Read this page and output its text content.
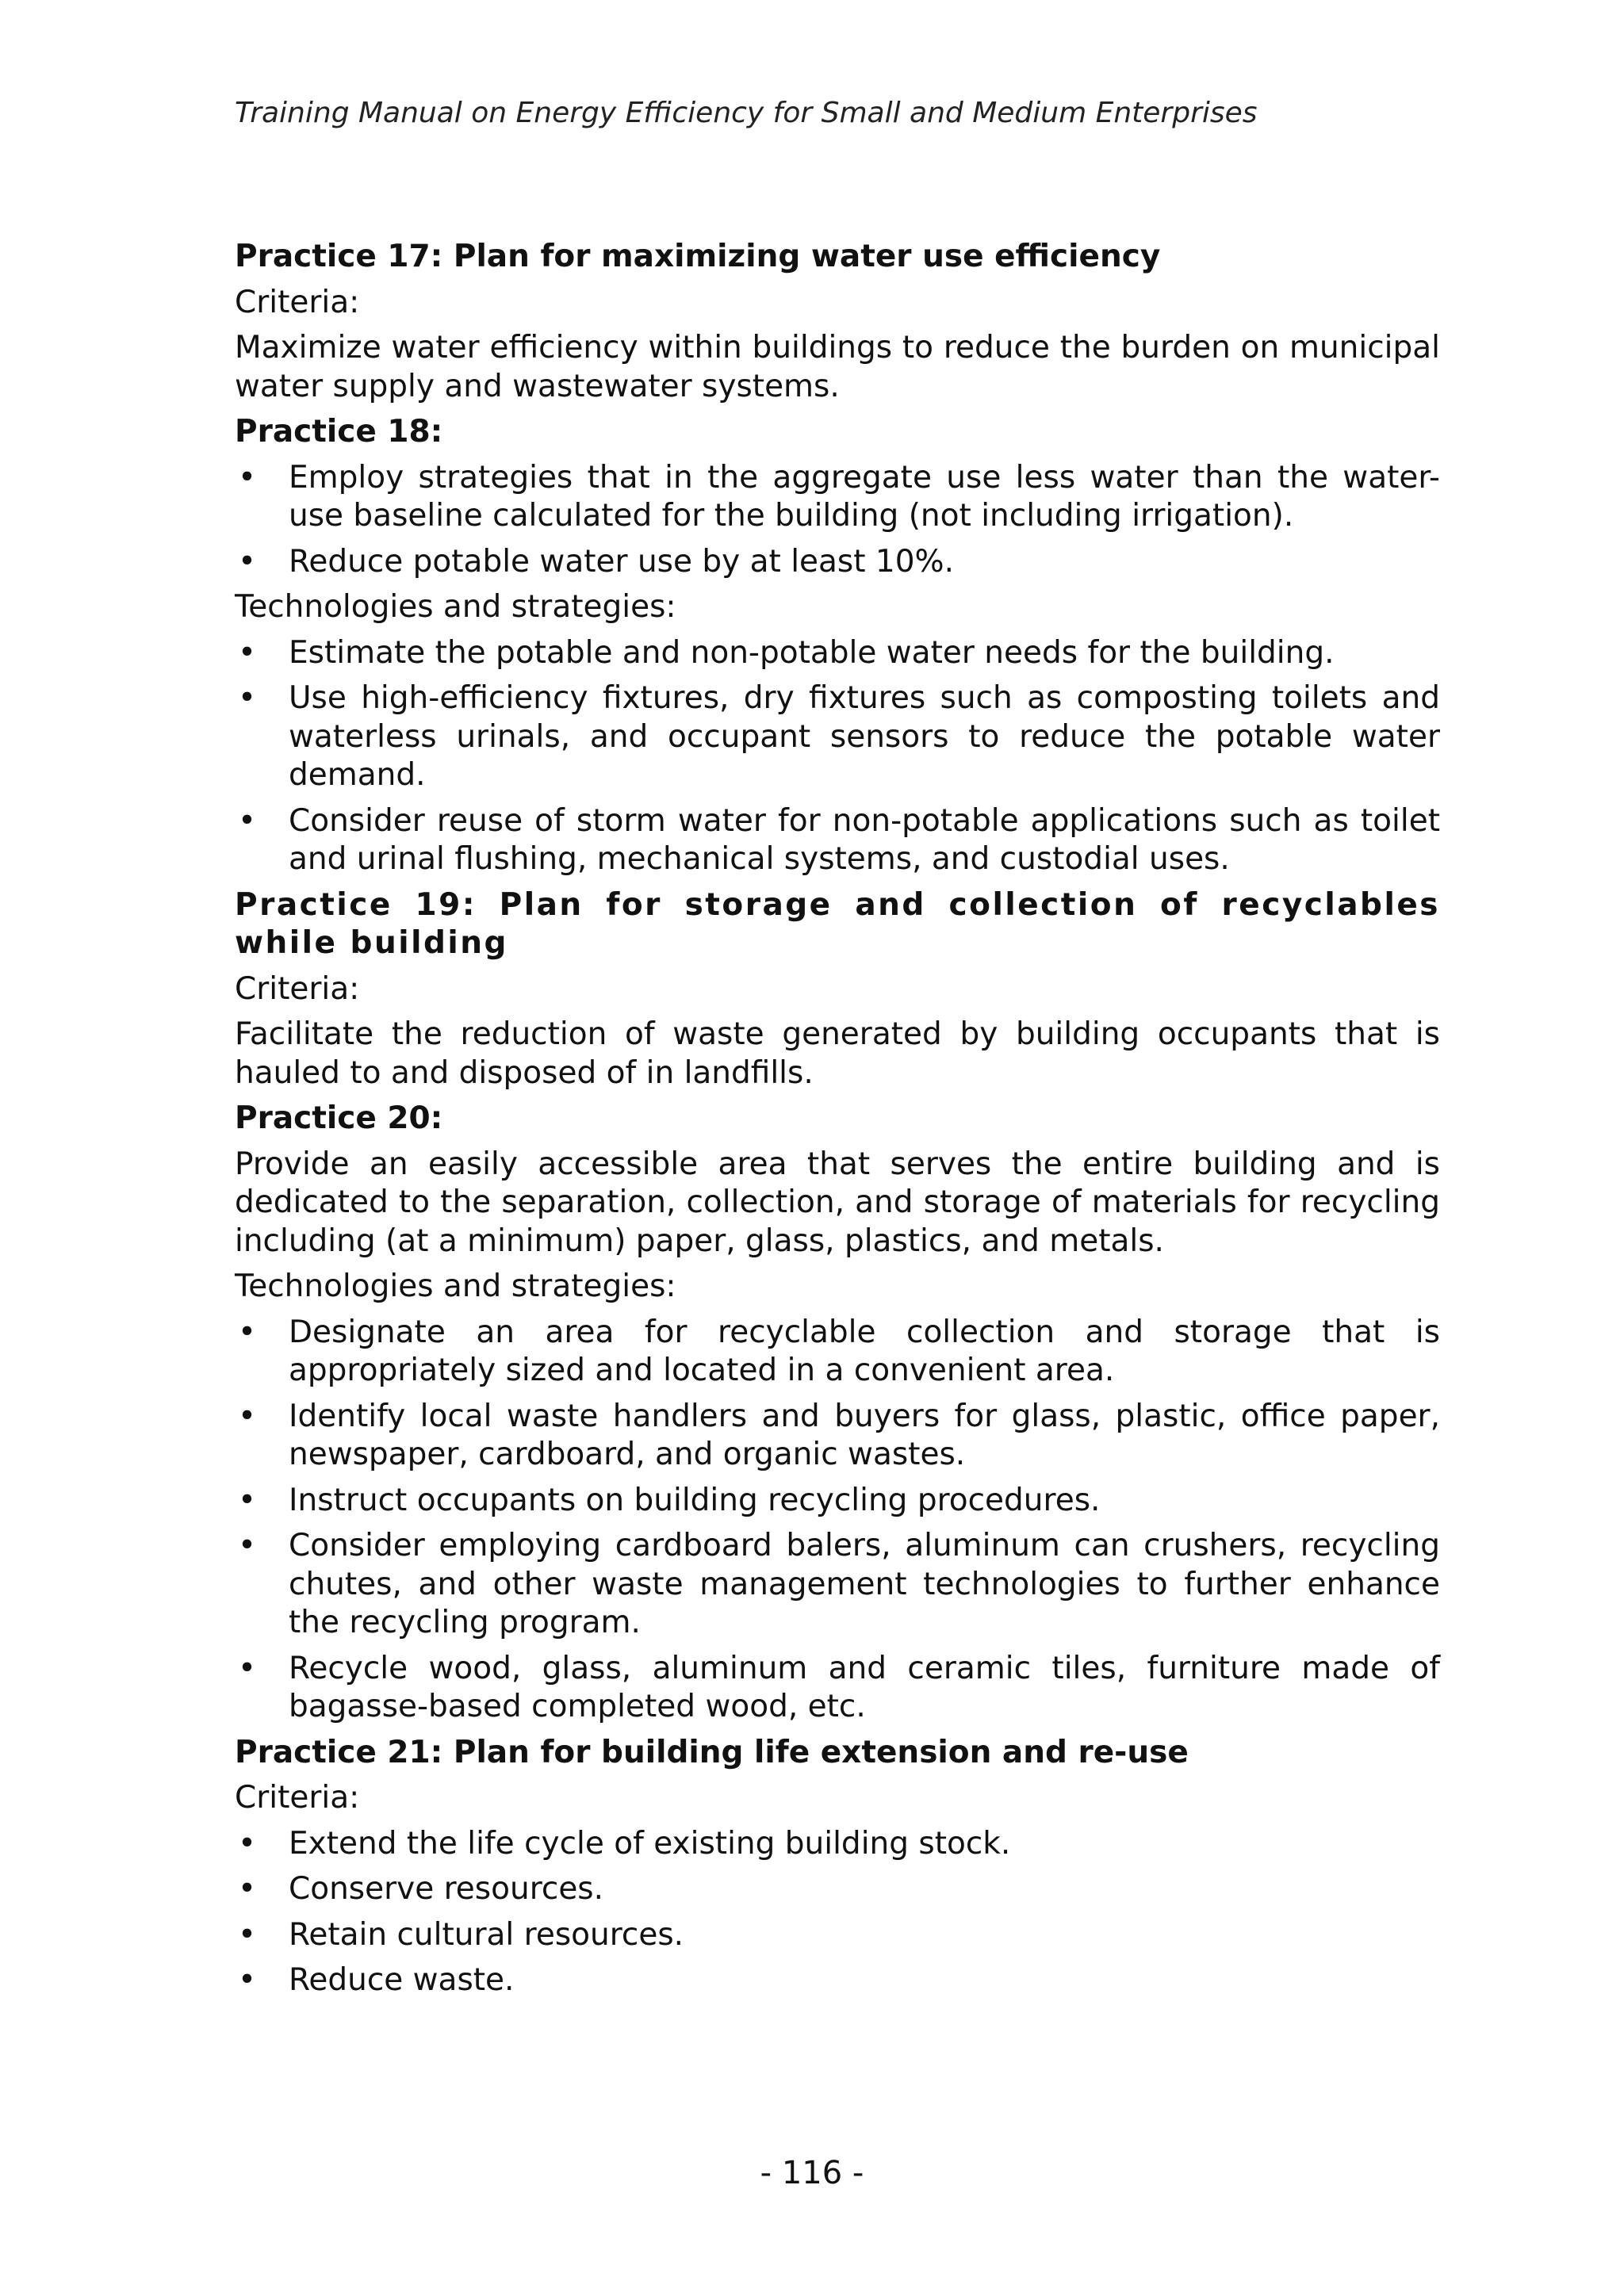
Training Manual on Energy Efficiency for Small and Medium Enterprises

Practice 17: Plan for maximizing water use efficiency

Criteria:

Maximize water efficiency within buildings to reduce the burden on municipal water supply and wastewater systems.

Practice 18:

• Employ strategies that in the aggregate use less water than the water-use baseline calculated for the building (not including irrigation).
• Reduce potable water use by at least 10%.

Technologies and strategies:

• Estimate the potable and non-potable water needs for the building.
• Use high-efficiency fixtures, dry fixtures such as composting toilets and waterless urinals, and occupant sensors to reduce the potable water demand.
• Consider reuse of storm water for non-potable applications such as toilet and urinal flushing, mechanical systems, and custodial uses.

Practice 19: Plan for storage and collection of recyclables while building

Criteria:

Facilitate the reduction of waste generated by building occupants that is hauled to and disposed of in landfills.

Practice 20:

Provide an easily accessible area that serves the entire building and is dedicated to the separation, collection, and storage of materials for recycling including (at a minimum) paper, glass, plastics, and metals.

Technologies and strategies:

• Designate an area for recyclable collection and storage that is appropriately sized and located in a convenient area.
• Identify local waste handlers and buyers for glass, plastic, office paper, newspaper, cardboard, and organic wastes.
• Instruct occupants on building recycling procedures.
• Consider employing cardboard balers, aluminum can crushers, recycling chutes, and other waste management technologies to further enhance the recycling program.
• Recycle wood, glass, aluminum and ceramic tiles, furniture made of bagasse-based completed wood, etc.

Practice 21: Plan for building life extension and re-use

Criteria:

• Extend the life cycle of existing building stock.
• Conserve resources.
• Retain cultural resources.
• Reduce waste.
- 116 -
